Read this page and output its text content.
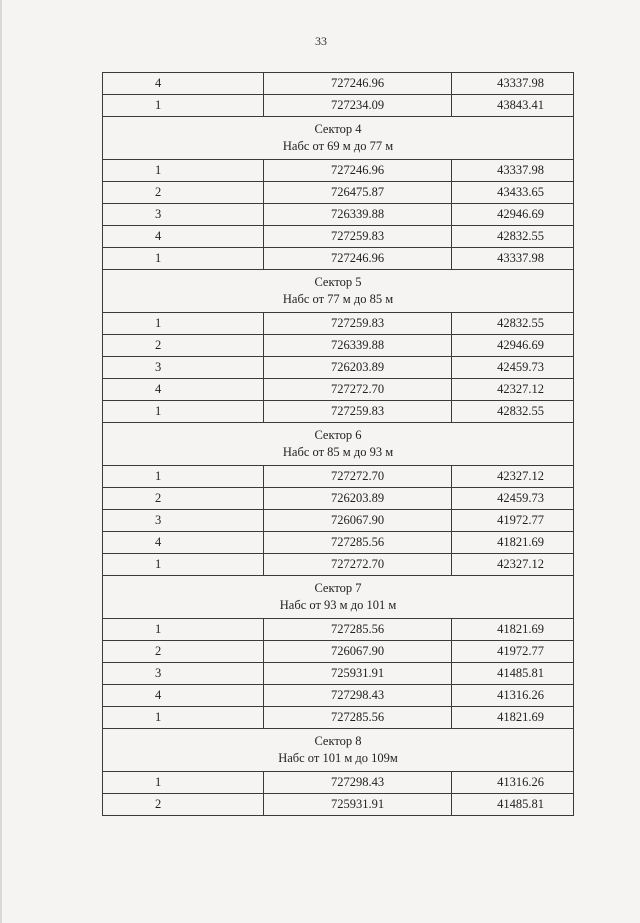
33
4	727246.96	43337.98
1	727234.09	43843.41

Сектор 4
Набс от 69 м до 77 м		

1	727246.96	43337.98
2	726475.87	43433.65
3	726339.88	42946.69
4	727259.83	42832.55
1	727246.96	43337.98

Сектор 5
Набс от 77 м до 85 м		

1	727259.83	42832.55
2	726339.88	42946.69
3	726203.89	42459.73
4	727272.70	42327.12
1	727259.83	42832.55

Сектор 6
Набс от 85 м до 93 м		

1	727272.70	42327.12
2	726203.89	42459.73
3	726067.90	41972.77
4	727285.56	41821.69
1	727272.70	42327.12

Сектор 7
Набс от 93 м до 101 м		

1	727285.56	41821.69
2	726067.90	41972.77
3	725931.91	41485.81
4	727298.43	41316.26
1	727285.56	41821.69

Сектор 8
Набс от 101 м до 109м		

1	727298.43	41316.26
2	725931.91	41485.81
